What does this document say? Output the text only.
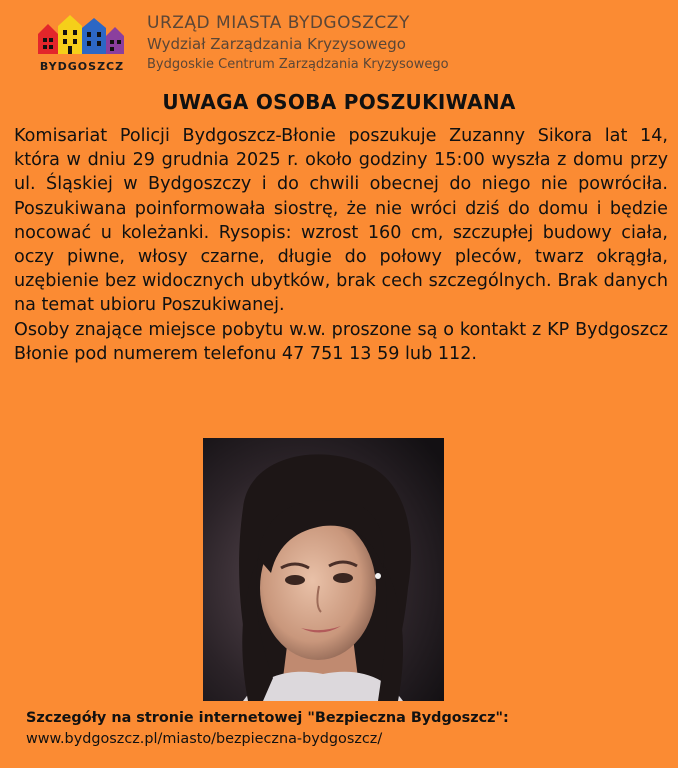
BYDGOSZCZ
URZĄD MIASTA BYDGOSZCZY
Wydział Zarządzania Kryzysowego
Bydgoskie Centrum Zarządzania Kryzysowego
UWAGA OSOBA POSZUKIWANA

Komisariat Policji Bydgoszcz-Błonie poszukuje Zuzanny Sikora lat 14, która w dniu 29 grudnia 2025 r. około godziny 15:00 wyszła z domu przy ul. Śląskiej w Bydgoszczy i do chwili obecnej do niego nie powróciła. Poszukiwana poinformowała siostrę, że nie wróci dziś do domu i będzie nocować u koleżanki. Rysopis: wzrost 160 cm, szczupłej budowy ciała, oczy piwne, włosy czarne, długie do połowy pleców, twarz okrągła, uzębienie bez widocznych ubytków, brak cech szczególnych. Brak danych na temat ubioru Poszukiwanej.

Osoby znające miejsce pobytu w.w. proszone są o kontakt z KP Bydgoszcz Błonie pod numerem telefonu 47 751 13 59 lub 112.

Szczegóły na stronie internetowej "Bezpieczna Bydgoszcz":
www.bydgoszcz.pl/miasto/bezpieczna-bydgoszcz/
